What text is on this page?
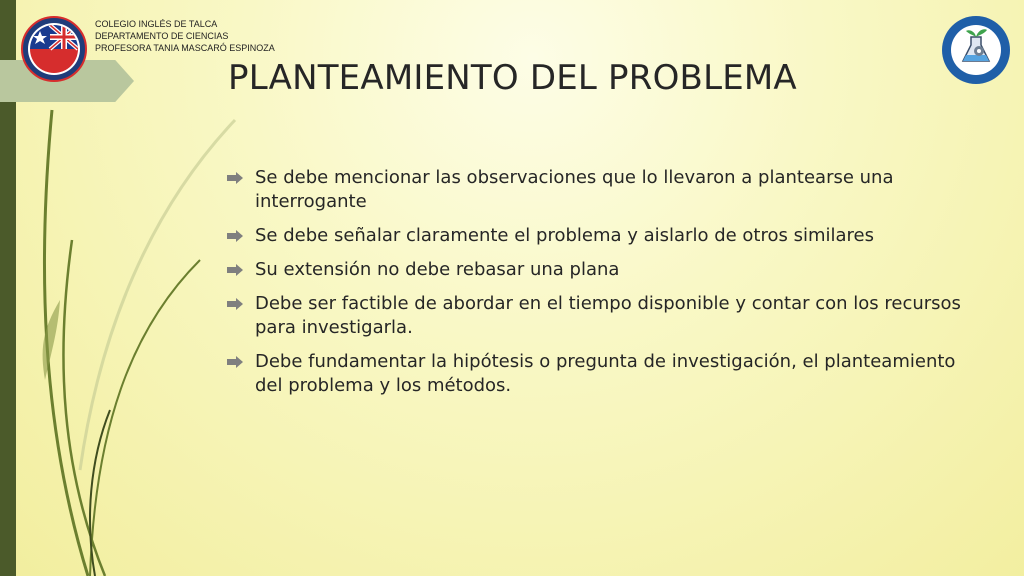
COLEGIO INGLÉS DE TALCA
DEPARTAMENTO DE CIENCIAS
PROFESORA TANIA MASCARÓ ESPINOZA
PLANTEAMIENTO DEL PROBLEMA
Se debe mencionar las observaciones que lo llevaron a plantearse una interrogante
Se debe señalar claramente el problema y aislarlo de otros similares
Su extensión no debe rebasar una plana
Debe ser factible de abordar en el tiempo disponible y contar con los recursos para investigarla.
Debe fundamentar la hipótesis o pregunta de investigación, el planteamiento del problema y los métodos.
